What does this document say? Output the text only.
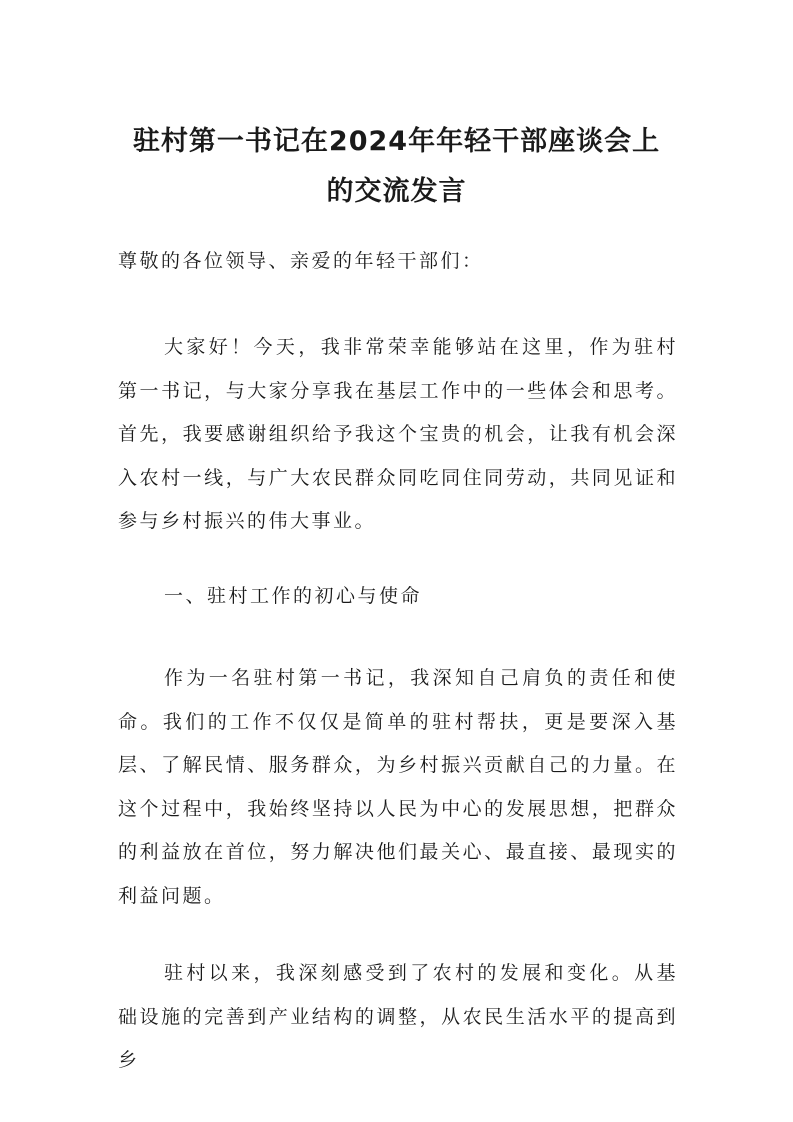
驻村第一书记在2024年年轻干部座谈会上
的交流发言

尊敬的各位领导、亲爱的年轻干部们：

大家好！今天，我非常荣幸能够站在这里，作为驻村第一书记，与大家分享我在基层工作中的一些体会和思考。首先，我要感谢组织给予我这个宝贵的机会，让我有机会深入农村一线，与广大农民群众同吃同住同劳动，共同见证和参与乡村振兴的伟大事业。

一、驻村工作的初心与使命

作为一名驻村第一书记，我深知自己肩负的责任和使命。我们的工作不仅仅是简单的驻村帮扶，更是要深入基层、了解民情、服务群众，为乡村振兴贡献自己的力量。在这个过程中，我始终坚持以人民为中心的发展思想，把群众的利益放在首位，努力解决他们最关心、最直接、最现实的利益问题。

驻村以来，我深刻感受到了农村的发展和变化。从基础设施的完善到产业结构的调整，从农民生活水平的提高到乡
